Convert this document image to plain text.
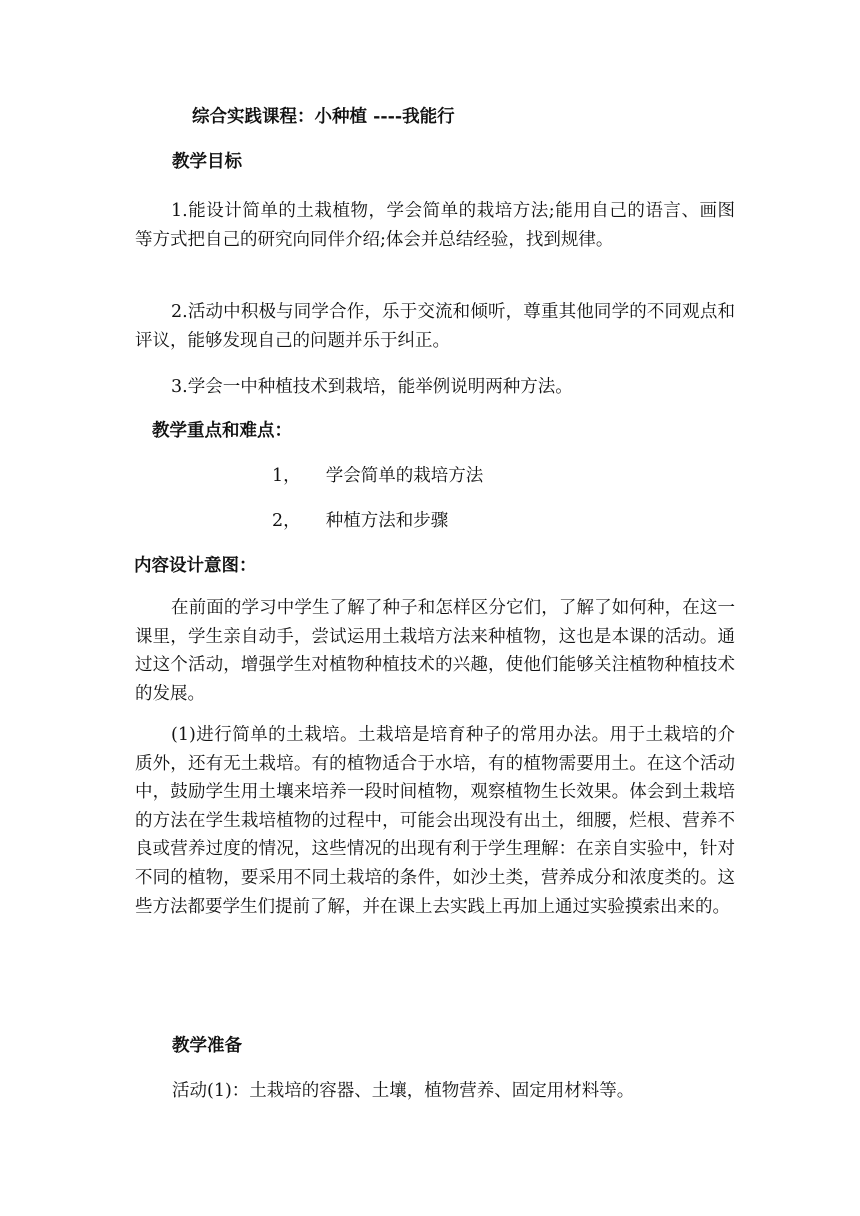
综合实践课程：小种植 ----我能行
教学目标
1.能设计简单的土栽植物，学会简单的栽培方法;能用自己的语言、画图等方式把自己的研究向同伴介绍;体会并总结经验，找到规律。
2.活动中积极与同学合作，乐于交流和倾听，尊重其他同学的不同观点和评议，能够发现自己的问题并乐于纠正。
3.学会一中种植技术到栽培，能举例说明两种方法。
教学重点和难点：
1， 学会简单的栽培方法
2， 种植方法和步骤
内容设计意图：
在前面的学习中学生了解了种子和怎样区分它们，了解了如何种，在这一课里，学生亲自动手，尝试运用土栽培方法来种植物，这也是本课的活动。通过这个活动，增强学生对植物种植技术的兴趣，使他们能够关注植物种植技术的发展。
(1)进行简单的土栽培。土栽培是培育种子的常用办法。用于土栽培的介质外，还有无土栽培。有的植物适合于水培，有的植物需要用土。在这个活动中，鼓励学生用土壤来培养一段时间植物，观察植物生长效果。体会到土栽培的方法在学生栽培植物的过程中，可能会出现没有出土，细腰，烂根、营养不良或营养过度的情况，这些情况的出现有利于学生理解：在亲自实验中，针对不同的植物，要采用不同土栽培的条件，如沙土类，营养成分和浓度类的。这些方法都要学生们提前了解，并在课上去实践上再加上通过实验摸索出来的。
教学准备
活动(1)：土栽培的容器、土壤，植物营养、固定用材料等。
